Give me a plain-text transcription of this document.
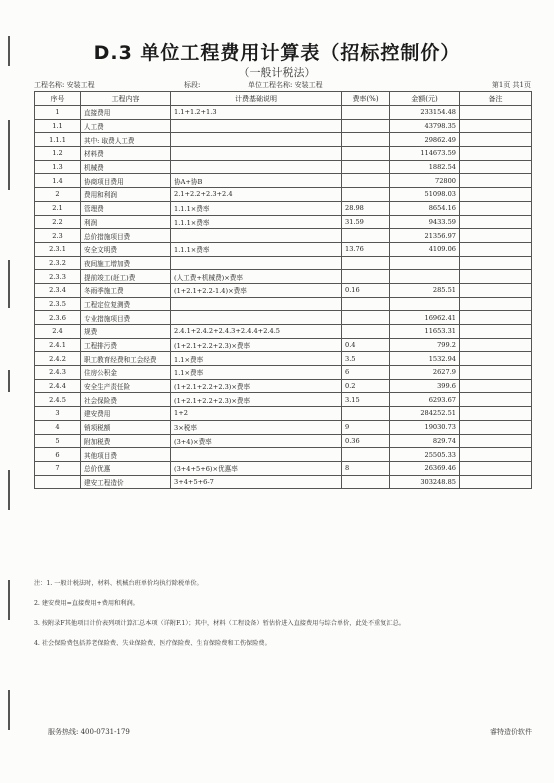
D.3 单位工程费用计算表（招标控制价）
（一般计税法）
工程名称: 安装工程	标段:	单位工程名称: 安装工程	第1页 共1页
序号	工程内容	计费基础说明	费率(%)	金额(元)	备注
1	直接费用	1.1+1.2+1.3		233154.48	
1.1	人工费			43798.35	
1.1.1	其中: 取费人工费			29862.49	
1.2	材料费			114673.59	
1.3	机械费			1882.54	
1.4	协商项目费用	协A+协B		72800	
2	费用和利润	2.1+2.2+2.3+2.4		51098.03	
2.1	管理费	1.1.1×费率	28.98	8654.16	
2.2	利润	1.1.1×费率	31.59	9433.59	
2.3	总价措施项目费			21356.97	
2.3.1	安全文明费	1.1.1×费率	13.76	4109.06	
2.3.2	夜间施工增加费				
2.3.3	提前竣工(赶工)费	(人工费+机械费)×费率			
2.3.4	冬雨季施工费	(1+2.1+2.2-1.4)×费率	0.16	285.51	
2.3.5	工程定位复测费				
2.3.6	专业措施项目费			16962.41	
2.4	规费	2.4.1+2.4.2+2.4.3+2.4.4+2.4.5		11653.31	
2.4.1	工程排污费	(1+2.1+2.2+2.3)×费率	0.4	799.2	
2.4.2	职工教育经费和工会经费	1.1×费率	3.5	1532.94	
2.4.3	住房公积金	1.1×费率	6	2627.9	
2.4.4	安全生产责任险	(1+2.1+2.2+2.3)×费率	0.2	399.6	
2.4.5	社会保险费	(1+2.1+2.2+2.3)×费率	3.15	6293.67	
3	建安费用	1+2		284252.51	
4	销项税额	3×税率	9	19030.73	
5	附加税费	(3+4)×费率	0.36	829.74	
6	其他项目费			25505.33	
7	总价优惠	(3+4+5+6)×优惠率	8	26369.46	
	建安工程造价	3+4+5+6-7		303248.85	

注：1. 一般计税法时，材料、机械台班单价均执行除税单价。

2. 建安费用=直接费用+费用和利润。

3. 按附录F其他项目计价表列项计算汇总本项（详附F.1）；其中，材料（工程设备）暂估价进入直接费用与综合单价，此处不重复汇总。

4. 社会保险费包括养老保险费、失业保险费、医疗保险费、生育保险费和工伤保险费。

服务热线: 400-0731-179	睿特造价软件
